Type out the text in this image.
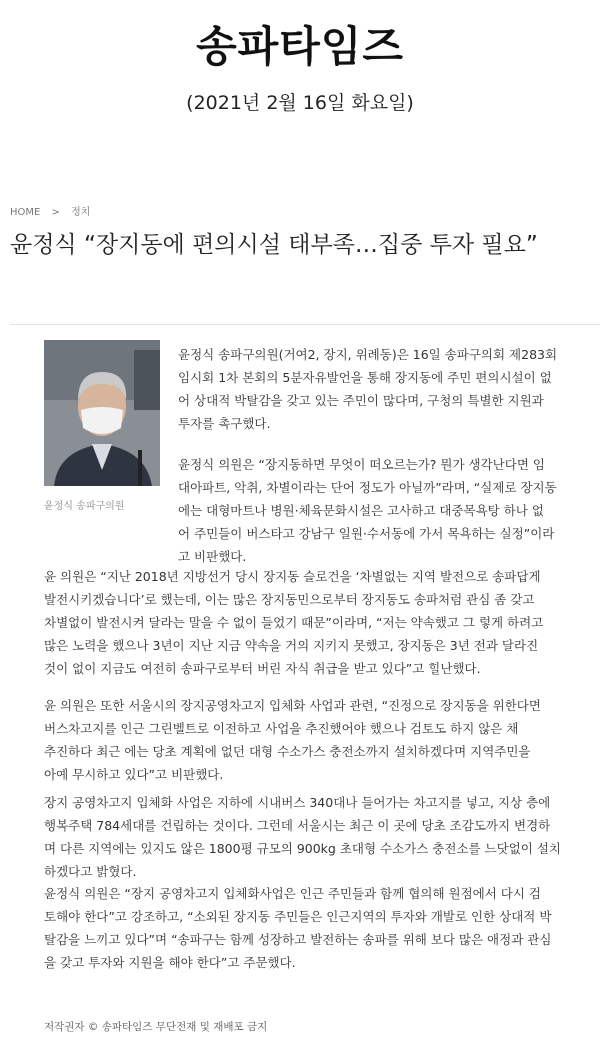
송파타임즈
(2021년 2월 16일 화요일)
HOME > 정치
윤정식 “장지동에 편의시설 태부족…집중 투자 필요”
윤정식 송파구의원
윤정식 송파구의원(거여2, 장지, 위례동)은 16일 송파구의회 제283회
임시회 1차 본회의 5분자유발언을 통해 장지동에 주민 편의시설이 없
어 상대적 박탈감을 갖고 있는 주민이 많다며, 구청의 특별한 지원과
투자를 촉구했다.
윤정식 의원은 “장지동하면 무엇이 떠오르는가? 뭔가 생각난다면 임
대아파트, 악취, 차별이라는 단어 정도가 아닐까”라며, “실제로 장지동
에는 대형마트나 병원·체육문화시설은 고사하고 대중목욕탕 하나 없
어 주민들이 버스타고 강남구 일원·수서동에 가서 목욕하는 실정”이라
고 비판했다.
윤 의원은 “지난 2018년 지방선거 당시 장지동 슬로건을 ‘차별없는 지역 발전으로 송파답게
발전시키겠습니다’로 했는데, 이는 많은 장지동민으로부터 장지동도 송파처럼 관심 좀 갖고
차별없이 발전시켜 달라는 말을 수 없이 들었기 때문”이라며, “저는 약속했고 그 렇게 하려고
많은 노력을 했으나 3년이 지난 지금 약속을 거의 지키지 못했고, 장지동은 3년 전과 달라진
것이 없이 지금도 여전히 송파구로부터 버린 자식 취급을 받고 있다”고 힐난했다.
윤 의원은 또한 서울시의 장지공영차고지 입체화 사업과 관련, “진정으로 장지동을 위한다면
버스차고지를 인근 그린벨트로 이전하고 사업을 추진했어야 했으나 검토도 하지 않은 채
추진하다 최근 에는 당초 계획에 없던 대형 수소가스 충전소까지 설치하겠다며 지역주민을
아예 무시하고 있다”고 비판했다.
장지 공영차고지 입체화 사업은 지하에 시내버스 340대나 들어가는 차고지를 넣고, 지상 층에
행복주택 784세대를 건립하는 것이다. 그런데 서울시는 최근 이 곳에 당초 조감도까지 변경하
며 다른 지역에는 있지도 않은 1800평 규모의 900kg 초대형 수소가스 충전소를 느닷없이 설치
하겠다고 밝혔다.
윤정식 의원은 “장지 공영차고지 입체화사업은 인근 주민들과 함께 협의해 원점에서 다시 검
토해야 한다”고 강조하고, “소외된 장지동 주민들은 인근지역의 투자와 개발로 인한 상대적 박
탈감을 느끼고 있다”며 “송파구는 함께 성장하고 발전하는 송파를 위해 보다 많은 애정과 관심
을 갖고 투자와 지원을 해야 한다”고 주문했다.
저작권자 © 송파타임즈 무단전재 및 재배포 금지
